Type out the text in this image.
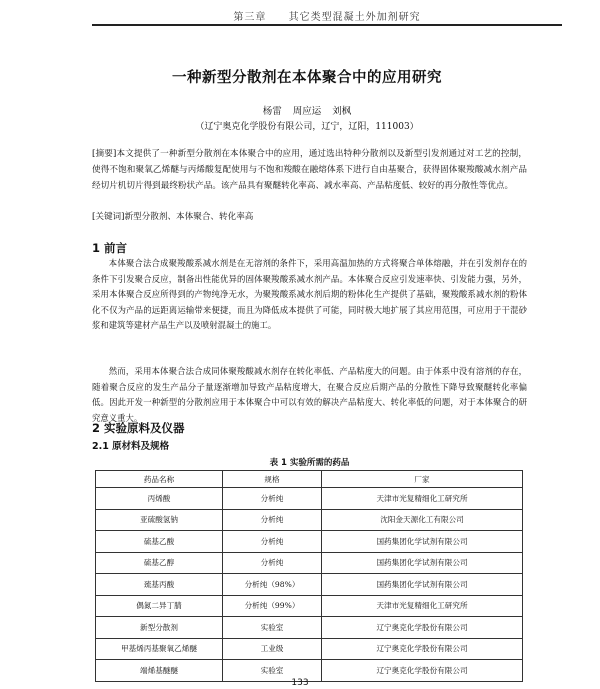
第三章 其它类型混凝土外加剂研究
一种新型分散剂在本体聚合中的应用研究
杨雷 周应运 刘枫
（辽宁奥克化学股份有限公司，辽宁，辽阳，111003）
[摘要]本文提供了一种新型分散剂在本体聚合中的应用，通过选出特种分散剂以及新型引发剂通过对工艺的控制，使得不饱和聚氧乙烯醚与丙烯酸复配使用与不饱和羧酸在融熔体系下进行自由基聚合，获得固体聚羧酸减水剂产品经切片机切片得到最终粉状产品。该产品具有聚醚转化率高、减水率高、产品粘度低、较好的再分散性等优点。
[关键词]新型分散剂、本体聚合、转化率高
1 前言
本体聚合法合成聚羧酸系减水剂是在无溶剂的条件下，采用高温加热的方式将聚合单体熔融，并在引发剂存在的条件下引发聚合反应，制备出性能优异的固体聚羧酸系减水剂产品。本体聚合反应引发速率快、引发能力强，另外，采用本体聚合反应所得到的产物纯净无水，为聚羧酸系减水剂后期的粉体化生产提供了基础，聚羧酸系减水剂的粉体化不仅为产品的远距离运输带来便捷，而且为降低成本提供了可能，同时极大地扩展了其应用范围，可应用于干混砂浆和建筑等建材产品生产以及喷射混凝土的施工。
然而，采用本体聚合法合成同体聚羧酸减水剂存在转化率低、产品粘度大的问题。由于体系中没有溶剂的存在，随着聚合反应的发生产品分子量逐渐增加导致产品粘度增大，在聚合反应后期产品的分散性下降导致聚醚转化率偏低。因此开发一种新型的分散剂应用于本体聚合中可以有效的解决产品粘度大、转化率低的问题，对于本体聚合的研究意义重大。
2 实验原料及仪器
2.1 原材料及规格
表 1 实验所需的药品
药品名称	规格	厂家
丙烯酸	分析纯	天津市光复精细化工研究所
亚硫酸氢钠	分析纯	沈阳金天源化工有限公司
硫基乙酸	分析纯	国药集团化学试剂有限公司
硫基乙醇	分析纯	国药集团化学试剂有限公司
巯基丙酸	分析纯（98%）	国药集团化学试剂有限公司
偶氮二异丁腈	分析纯（99%）	天津市光复精细化工研究所
新型分散剂	实验室	辽宁奥克化学股份有限公司
甲基烯丙基聚氧乙烯醚	工业级	辽宁奥克化学股份有限公司
端烯基醚醚	实验室	辽宁奥克化学股份有限公司
133
